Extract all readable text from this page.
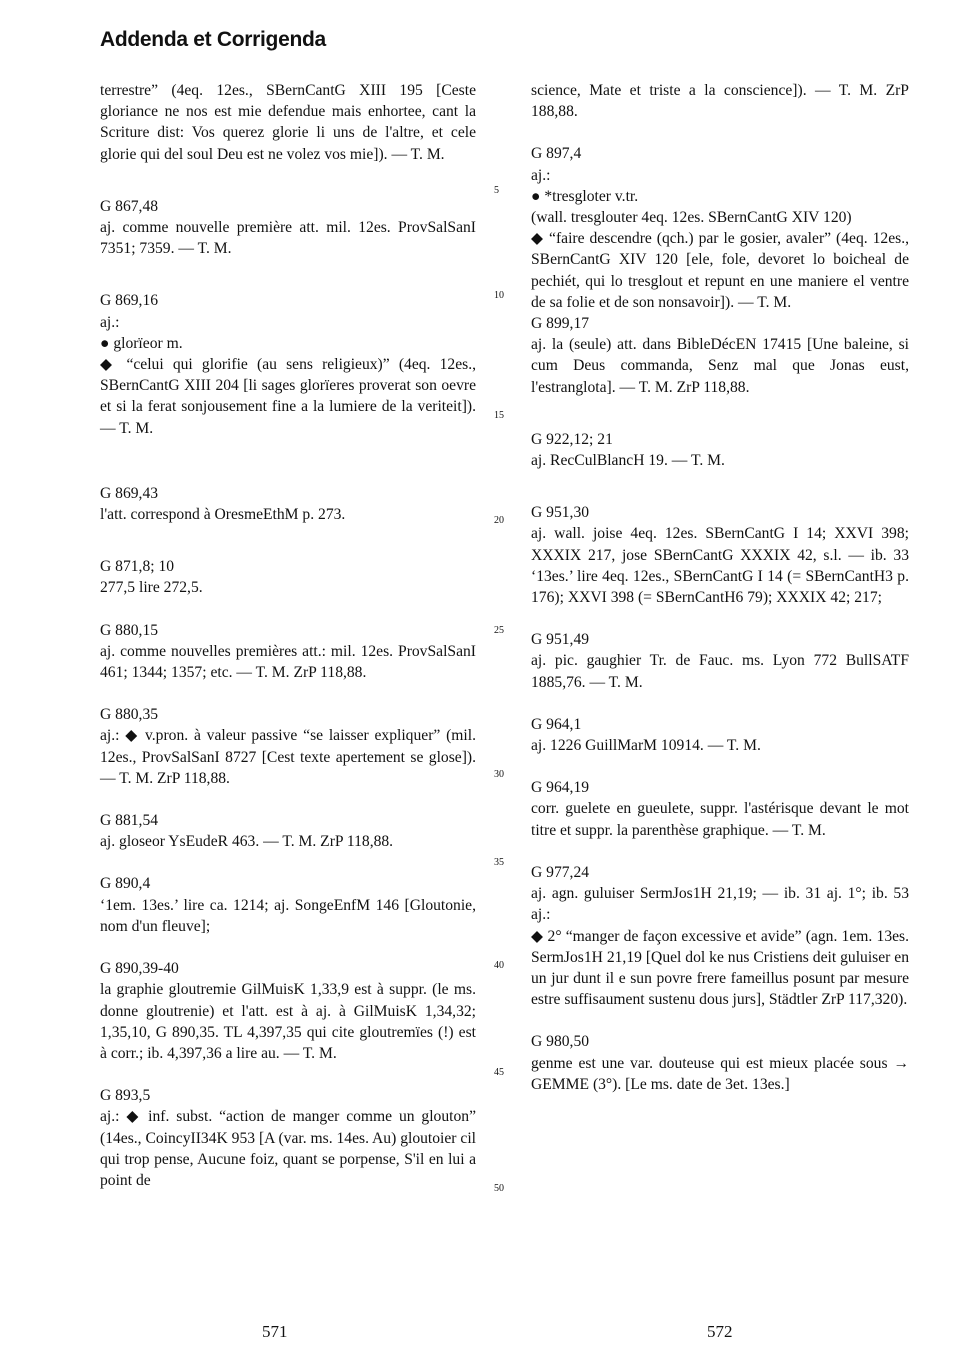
Addenda et Corrigenda

terrestre” (4eq. 12es., SBernCantG XIII 195 [Ceste gloriance ne nos est mie defendue mais enhortee, cant la Scriture dist: Vos querez glorie li uns de l'altre, et cele glorie qui del soul Deu est ne volez vos mie]). — T. M.

G 867,48

aj. comme nouvelle première att. mil. 12es. ProvSalSanI 7351; 7359. — T. M.

G 869,16

aj.:

● glorïeor m.

◆ “celui qui glorifie (au sens religieux)” (4eq. 12es., SBernCantG XIII 204 [li sages glorïeres proverat son oevre et si la ferat sonjousement fine a la lumiere de la veriteit]). — T. M.

G 869,43

l'att. correspond à OresmeEthM p. 273.

G 871,8; 10

277,5 lire 272,5.

G 880,15

aj. comme nouvelles premières att.: mil. 12es. ProvSalSanI 461; 1344; 1357; etc. — T. M. ZrP 118,88.

G 880,35

aj.: ◆ v.pron. à valeur passive “se laisser expliquer” (mil. 12es., ProvSalSanI 8727 [Cest texte apertement se glose]). — T. M. ZrP 118,88.

G 881,54

aj. gloseor YsEudeR 463. — T. M. ZrP 118,88.

G 890,4

‘1em. 13es.’ lire ca. 1214; aj. SongeEnfM 146 [Gloutonie, nom d'un fleuve];

G 890,39-40

la graphie gloutremie GilMuisK 1,33,9 est à suppr. (le ms. donne gloutrenie) et l'att. est à aj. à GilMuisK 1,34,32; 1,35,10, G 890,35. TL 4,397,35 qui cite gloutremïes (!) est à corr.; ib. 4,397,36 a lire au. — T. M.

G 893,5

aj.: ◆ inf. subst. “action de manger comme un glouton” (14es., CoincyII34K 953 [A (var. ms. 14es. Au) gloutoier cil qui trop pense, Aucune foiz, quant se porpense, S'il en lui a point de

5
10
15
20
25
30
35
40
45
50

science, Mate et triste a la conscience]). — T. M. ZrP 188,88.

G 897,4

aj.:

● *tresgloter v.tr.

(wall. tresglouter 4eq. 12es. SBernCantG XIV 120)

◆ “faire descendre (qch.) par le gosier, avaler” (4eq. 12es., SBernCantG XIV 120 [ele, fole, devoret lo boicheal de pechiét, qui lo tresglout et repunt en une maniere el ventre de sa folie et de son nonsavoir]). — T. M.

G 899,17

aj. la (seule) att. dans BibleDécEN 17415 [Une baleine, si cum Deus commanda, Senz mal que Jonas eust, l'estranglota]. — T. M. ZrP 118,88.

G 922,12; 21

aj. RecCulBlancH 19. — T. M.

G 951,30

aj. wall. joise 4eq. 12es. SBernCantG I 14; XXVI 398; XXXIX 217, jose SBernCantG XXXIX 42, s.l. — ib. 33 ‘13es.’ lire 4eq. 12es., SBernCantG I 14 (= SBernCantH3 p. 176); XXVI 398 (= SBernCantH6 79); XXXIX 42; 217;

G 951,49

aj. pic. gaughier Tr. de Fauc. ms. Lyon 772 BullSATF 1885,76. — T. M.

G 964,1

aj. 1226 GuillMarM 10914. — T. M.

G 964,19

corr. guelete en gueulete, suppr. l'astérisque devant le mot titre et suppr. la parenthèse graphique. — T. M.

G 977,24

aj. agn. guluiser SermJos1H 21,19; — ib. 31 aj. 1°; ib. 53 aj.:

◆ 2° “manger de façon excessive et avide” (agn. 1em. 13es. SermJos1H 21,19 [Quel dol ke nus Cristiens deit guluiser en un jur dunt il e sun povre frere fameillus posunt par mesure estre suffisaument sustenu dous jurs], Städtler ZrP 117,320).

G 980,50

genme est une var. douteuse qui est mieux placée sous → GEMME (3°). [Le ms. date de 3et. 13es.]

571	572
